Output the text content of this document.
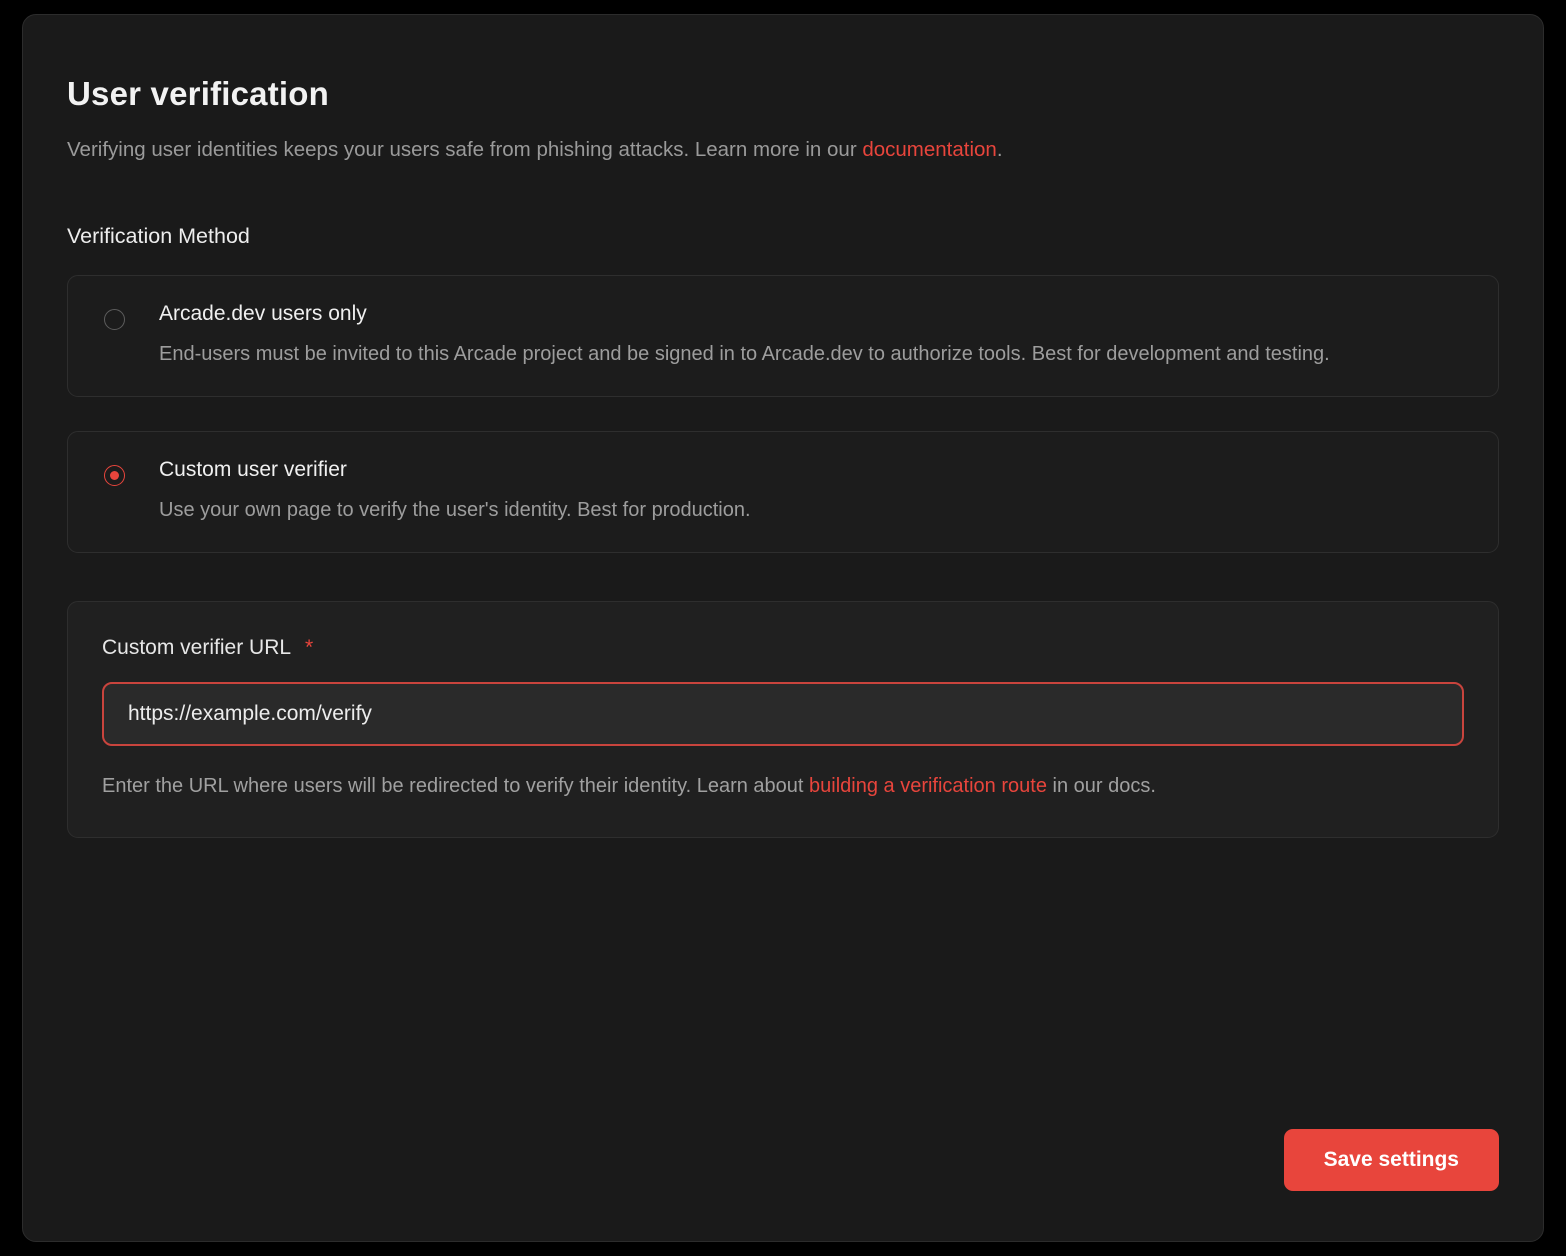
User verification
Verifying user identities keeps your users safe from phishing attacks. Learn more in our documentation.
Verification Method
Arcade.dev users only
End-users must be invited to this Arcade project and be signed in to Arcade.dev to authorize tools. Best for development and testing.
Custom user verifier
Use your own page to verify the user's identity. Best for production.
Custom verifier URL *
https://example.com/verify
Enter the URL where users will be redirected to verify their identity. Learn about building a verification route in our docs.
Save settings
